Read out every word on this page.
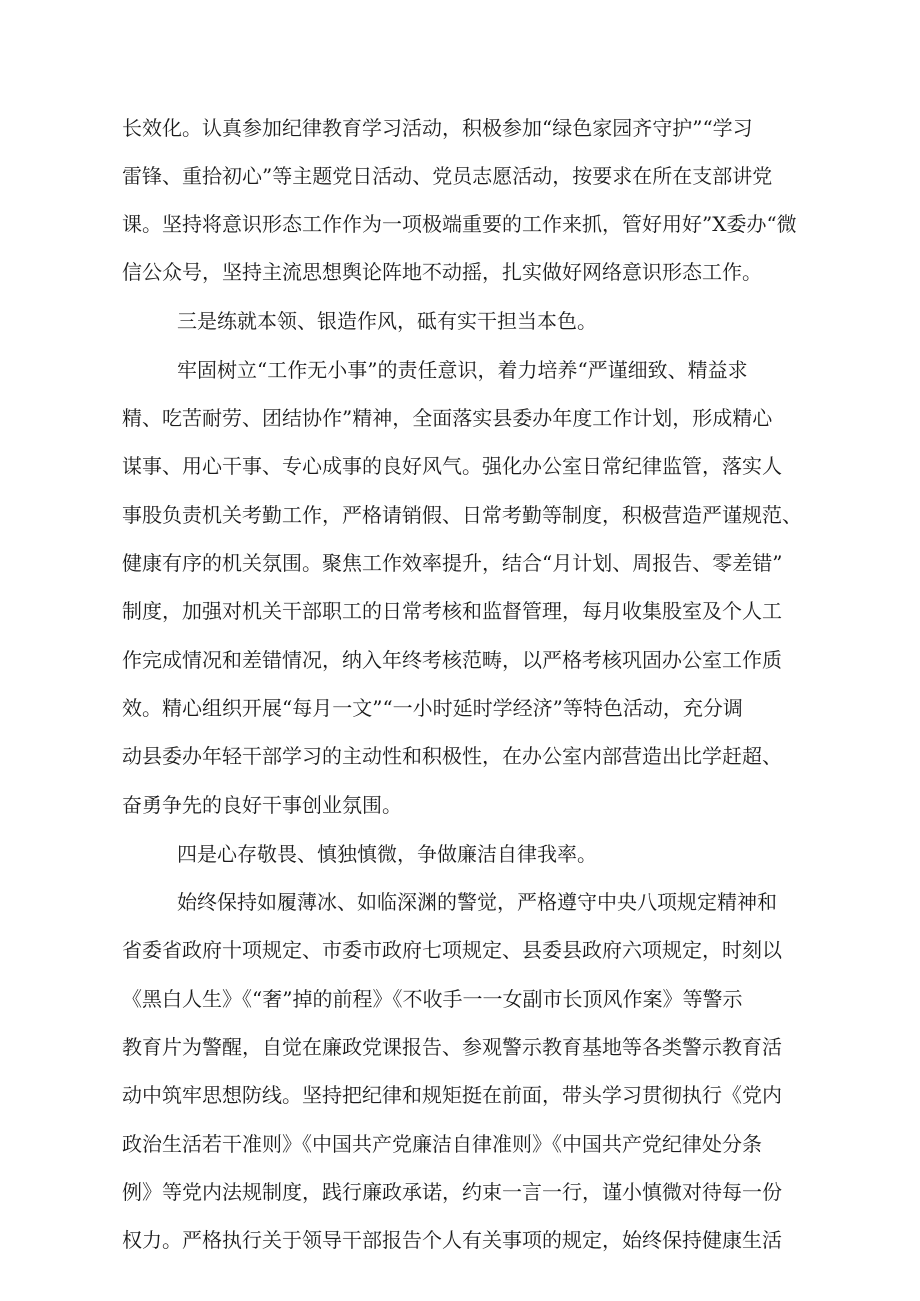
长效化。认真参加纪律教育学习活动，积极参加“绿色家园齐守护”“学习
雷锋、重拾初心”等主题党日活动、党员志愿活动，按要求在所在支部讲党
课。坚持将意识形态工作作为一项极端重要的工作来抓，管好用好”X委办“微
信公众号，坚持主流思想舆论阵地不动摇，扎实做好网络意识形态工作。
三是练就本领、银造作风，砥有实干担当本色。
牢固树立“工作无小事”的责任意识，着力培养“严谨细致、精益求
精、吃苦耐劳、团结协作”精神，全面落实县委办年度工作计划，形成精心
谋事、用心干事、专心成事的良好风气。强化办公室日常纪律监管，落实人
事股负责机关考勤工作，严格请销假、日常考勤等制度，积极营造严谨规范、
健康有序的机关氛围。聚焦工作效率提升，结合“月计划、周报告、零差错”
制度，加强对机关干部职工的日常考核和监督管理，每月收集股室及个人工
作完成情况和差错情况，纳入年终考核范畴，以严格考核巩固办公室工作质
效。精心组织开展“每月一文”“一小时延时学经济”等特色活动，充分调
动县委办年轻干部学习的主动性和积极性，在办公室内部营造出比学赶超、
奋勇争先的良好干事创业氛围。
四是心存敬畏、慎独慎微，争做廉洁自律我率。
始终保持如履薄冰、如临深渊的警觉，严格遵守中央八项规定精神和
省委省政府十项规定、市委市政府七项规定、县委县政府六项规定，时刻以
《黑白人生》《“奢”掉的前程》《不收手一一女副市长顶风作案》等警示
教育片为警醒，自觉在廉政党课报告、参观警示教育基地等各类警示教育活
动中筑牢思想防线。坚持把纪律和规矩挺在前面，带头学习贯彻执行《党内
政治生活若干准则》《中国共产党廉洁自律准则》《中国共产党纪律处分条
例》等党内法规制度，践行廉政承诺，约束一言一行，谨小慎微对待每一份
权力。严格执行关于领导干部报告个人有关事项的规定，始终保持健康生活
